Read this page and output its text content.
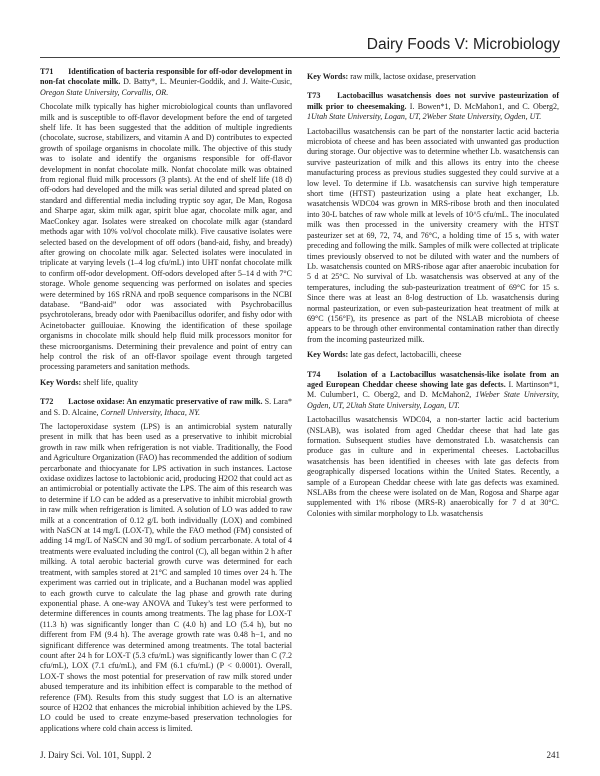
Dairy Foods V: Microbiology

T71 Identification of bacteria responsible for off-odor development in non-fat chocolate milk. D. Batty*, L. Meunier-Goddik, and J. Waite-Cusic, Oregon State University, Corvallis, OR.

Chocolate milk typically has higher microbiological counts than unflavored milk and is susceptible to off-flavor development before the end of targeted shelf life. It has been suggested that the addition of multiple ingredients (chocolate, sucrose, stabilizers, and vitamin A and D) contributes to expected growth of spoilage organisms in chocolate milk. The objective of this study was to isolate and identify the organisms responsible for off-flavor development in nonfat chocolate milk. Nonfat chocolate milk was obtained from regional fluid milk processors (3 plants). At the end of shelf life (18 d) off-odors had developed and the milk was serial diluted and spread plated on standard and differential media including tryptic soy agar, De Man, Rogosa and Sharpe agar, skim milk agar, spirit blue agar, chocolate milk agar, and MacConkey agar. Isolates were streaked on chocolate milk agar (standard methods agar with 10% vol/vol chocolate milk). Five causative isolates were selected based on the development of off odors (band-aid, fishy, and bready) after growing on chocolate milk agar. Selected isolates were inoculated in triplicate at varying levels (1–4 log cfu/mL) into UHT nonfat chocolate milk to confirm off-odor development. Off-odors developed after 5–14 d with 7°C storage. Whole genome sequencing was performed on isolates and species were determined by 16S rRNA and rpoB sequence comparisons in the NCBI database. “Band-aid” odor was associated with Psychrobacillus psychrotolerans, bready odor with Paenibacillus odorifer, and fishy odor with Acinetobacter guillouiae. Knowing the identification of these spoilage organisms in chocolate milk should help fluid milk processors monitor for these microorganisms. Determining their prevalence and point of entry can help control the risk of an off-flavor spoilage event through targeted processing parameters and sanitation methods.

Key Words: shelf life, quality

T72 Lactose oxidase: An enzymatic preservative of raw milk. S. Lara* and S. D. Alcaine, Cornell University, Ithaca, NY.

The lactoperoxidase system (LPS) is an antimicrobial system naturally present in milk that has been used as a preservative to inhibit microbial growth in raw milk when refrigeration is not viable. Traditionally, the Food and Agriculture Organization (FAO) has recommended the addition of sodium percarbonate and thiocyanate for LPS activation in such instances. Lactose oxidase oxidizes lactose to lactobionic acid, producing H2O2 that could act as an antimicrobial or potentially activate the LPS. The aim of this research was to determine if LO can be added as a preservative to inhibit microbial growth in raw milk when refrigeration is limited. A solution of LO was added to raw milk at a concentration of 0.12 g/L both individually (LOX) and combined with NaSCN at 14 mg/L (LOX-T), while the FAO method (FM) consisted of adding 14 mg/L of NaSCN and 30 mg/L of sodium percarbonate. A total of 4 treatments were evaluated including the control (C), all began within 2 h after milking. A total aerobic bacterial growth curve was determined for each treatment, with samples stored at 21°C and sampled 10 times over 24 h. The experiment was carried out in triplicate, and a Buchanan model was applied to each growth curve to calculate the lag phase and growth rate during exponential phase. A one-way ANOVA and Tukey’s test were performed to determine differences in counts among treatments. The lag phase for LOX-T (11.3 h) was significantly longer than C (4.0 h) and LO (5.4 h), but no different from FM (9.4 h). The average growth rate was 0.48 h−1, and no significant difference was determined among treatments. The total bacterial count after 24 h for LOX-T (5.3 cfu/mL) was significantly lower than C (7.2 cfu/mL), LOX (7.1 cfu/mL), and FM (6.1 cfu/mL) (P < 0.0001). Overall, LOX-T shows the most potential for preservation of raw milk stored under abused temperature and its inhibition effect is comparable to the method of reference (FM). Results from this study suggest that LO is an alternative source of H2O2 that enhances the microbial inhibition achieved by the LPS. LO could be used to create enzyme-based preservation technologies for applications where cold chain access is limited.

Key Words: raw milk, lactose oxidase, preservation

T73 Lactobacillus wasatchensis does not survive pasteurization of milk prior to cheesemaking. I. Bowen*1, D. McMahon1, and C. Oberg2, 1Utah State University, Logan, UT, 2Weber State University, Ogden, UT.

Lactobacillus wasatchensis can be part of the nonstarter lactic acid bacteria microbiota of cheese and has been associated with unwanted gas production during storage. Our objective was to determine whether Lb. wasatchensis can survive pasteurization of milk and this allows its entry into the cheese manufacturing process as previous studies suggested they could survive at a low level. To determine if Lb. wasatchensis can survive high temperature short time (HTST) pasteurization using a plate heat exchanger, Lb. wasatchensis WDC04 was grown in MRS-ribose broth and then inoculated into 30-L batches of raw whole milk at levels of 10^5 cfu/mL. The inoculated milk was then processed in the university creamery with the HTST pasteurizer set at 69, 72, 74, and 76°C, a holding time of 15 s, with water preceding and following the milk. Samples of milk were collected at triplicate times previously observed to not be diluted with water and the numbers of Lb. wasatchensis counted on MRS-ribose agar after anaerobic incubation for 5 d at 25°C. No survival of Lb. wasatchensis was observed at any of the temperatures, including the sub-pasteurization treatment of 69°C for 15 s. Since there was at least an 8-log destruction of Lb. wasatchensis during normal pasteurization, or even sub-pasteurization heat treatment of milk at 69°C (156°F), its presence as part of the NSLAB microbiota of cheese appears to be through other environmental contamination rather than directly from the incoming pasteurized milk.

Key Words: late gas defect, lactobacilli, cheese

T74 Isolation of a Lactobacillus wasatchensis-like isolate from an aged European Cheddar cheese showing late gas defects. I. Martinson*1, M. Culumber1, C. Oberg2, and D. McMahon2, 1Weber State University, Ogden, UT, 2Utah State University, Logan, UT.

Lactobacillus wasatchensis WDC04, a non-starter lactic acid bacterium (NSLAB), was isolated from aged Cheddar cheese that had late gas formation. Subsequent studies have demonstrated Lb. wasatchensis can produce gas in culture and in experimental cheeses. Lactobacillus wasatchensis has been identified in cheeses with late gas defects from geographically dispersed locations within the United States. Recently, a sample of a European Cheddar cheese with late gas defects was examined. NSLABs from the cheese were isolated on de Man, Rogosa and Sharpe agar supplemented with 1% ribose (MRS-R) anaerobically for 7 d at 30°C. Colonies with similar morphology to Lb. wasatchensis

J. Dairy Sci. Vol. 101, Suppl. 2	241
